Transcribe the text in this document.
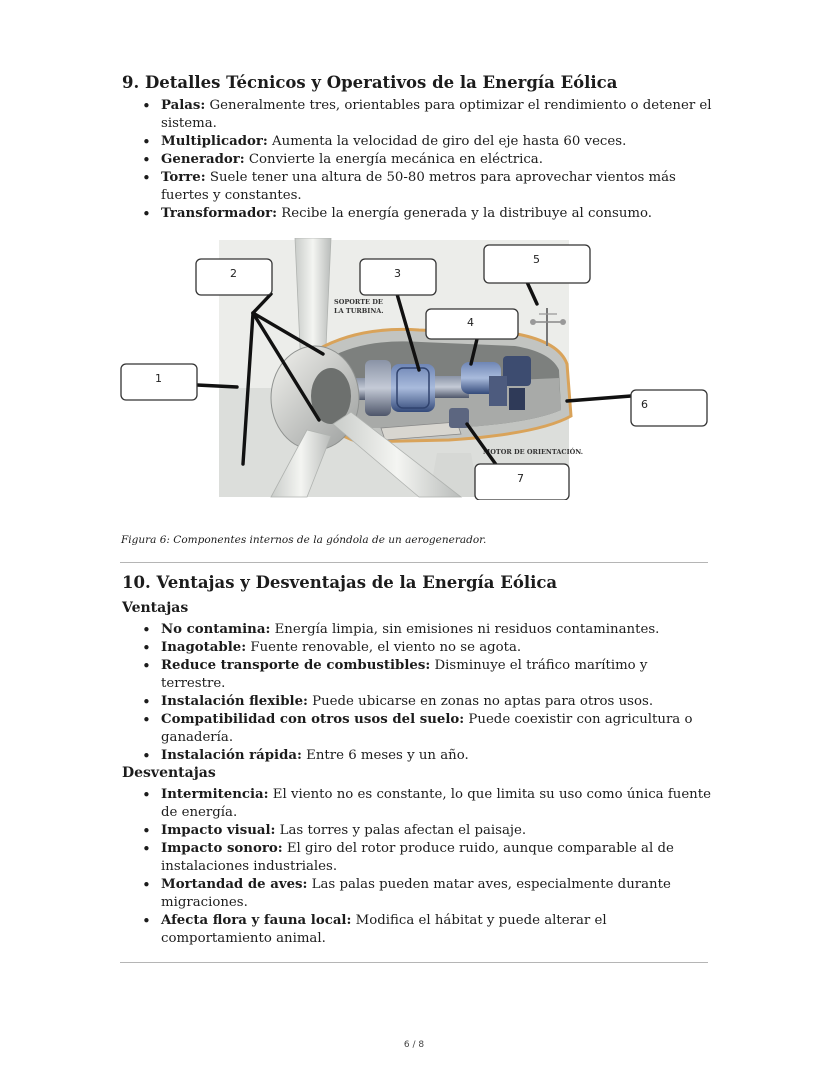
9. Detalles Técnicos y Operativos de la Energía Eólica
• Palas: Generalmente tres, orientables para optimizar el rendimiento o detener el sistema.
• Multiplicador: Aumenta la velocidad de giro del eje hasta 60 veces.
• Generador: Convierte la energía mecánica en eléctrica.
• Torre: Suele tener una altura de 50-80 metros para aprovechar vientos más fuertes y constantes.
• Transformador: Recibe la energía generada y la distribuye al consumo.
SOPORTE DE
LA TURBINA.
MOTOR DE ORIENTACIÓN.
1
2	3
4
5
6
7
Figura 6: Componentes internos de la góndola de un aerogenerador.
10. Ventajas y Desventajas de la Energía Eólica
Ventajas
• No contamina: Energía limpia, sin emisiones ni residuos contaminantes.
• Inagotable: Fuente renovable, el viento no se agota.
• Reduce transporte de combustibles: Disminuye el tráfico marítimo y terrestre.
• Instalación flexible: Puede ubicarse en zonas no aptas para otros usos.
• Compatibilidad con otros usos del suelo: Puede coexistir con agricultura o ganadería.
• Instalación rápida: Entre 6 meses y un año.
Desventajas
• Intermitencia: El viento no es constante, lo que limita su uso como única fuente de energía.
• Impacto visual: Las torres y palas afectan el paisaje.
• Impacto sonoro: El giro del rotor produce ruido, aunque comparable al de instalaciones industriales.
• Mortandad de aves: Las palas pueden matar aves, especialmente durante migraciones.
• Afecta flora y fauna local: Modifica el hábitat y puede alterar el comportamiento animal.
6 / 8
